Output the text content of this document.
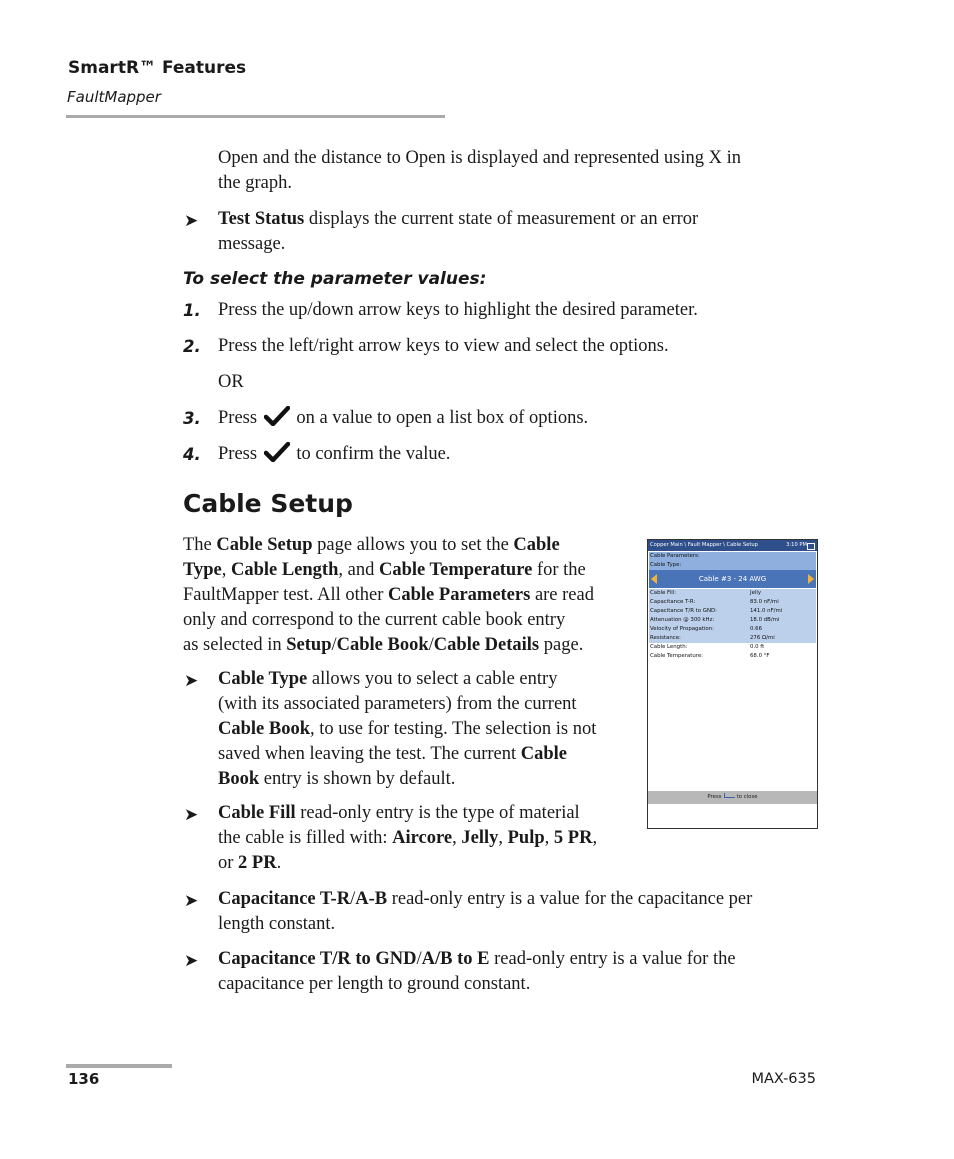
SmartR™ Features
FaultMapper
Open and the distance to Open is displayed and represented using X in
the graph.
➤ Test Status displays the current state of measurement or an error
message.
To select the parameter values:
1. Press the up/down arrow keys to highlight the desired parameter.
2. Press the left/right arrow keys to view and select the options.
OR
3. Press on a value to open a list box of options.
4. Press to confirm the value.
Cable Setup
The Cable Setup page allows you to set the Cable
Type, Cable Length, and Cable Temperature for the
FaultMapper test. All other Cable Parameters are read
only and correspond to the current cable book entry
as selected in Setup/Cable Book/Cable Details page.
➤ Cable Type allows you to select a cable entry
(with its associated parameters) from the current
Cable Book, to use for testing. The selection is not
saved when leaving the test. The current Cable
Book entry is shown by default.
➤ Cable Fill read-only entry is the type of material
the cable is filled with: Aircore, Jelly, Pulp, 5 PR,
or 2 PR.
➤ Capacitance T-R/A-B read-only entry is a value for the capacitance per
length constant.
➤ Capacitance T/R to GND/A/B to E read-only entry is a value for the
capacitance per length to ground constant.
Copper Main \ Fault Mapper \ Cable Setup	3:10 PM
Cable Parameters:
Cable Type:
Cable #3 - 24 AWG
Cable Fill:	Jelly
Capacitance T-R:	83.0 nF/mi
Capacitance T/R to GND:	141.0 nF/mi
Attenuation @ 300 kHz:	18.0 dB/mi
Velocity of Propagation:	0.66
Resistance:	276 Ω/mi
Cable Length:	0.0 ft
Cable Temperature:	68.0 °F
Press	to close
136	MAX-635
